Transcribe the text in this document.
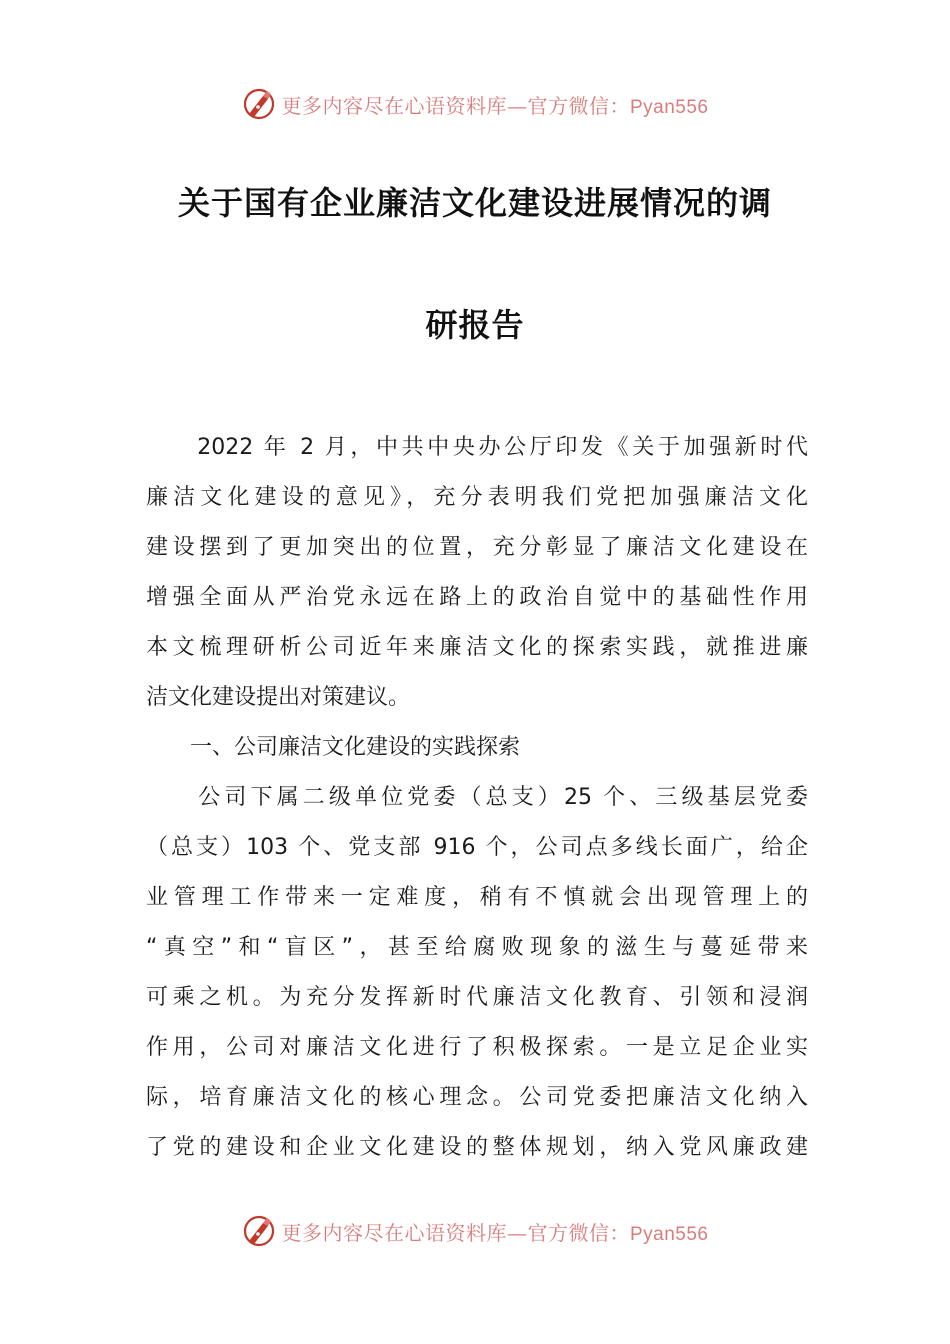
更多内容尽在心语资料库—官方微信：Pyan556
关于国有企业廉洁文化建设进展情况的调
研报告
　　2022 年 2 月，中共中央办公厅印发《关于加强新时代
廉洁文化建设的意见》，充分表明我们党把加强廉洁文化
建设摆到了更加突出的位置，充分彰显了廉洁文化建设在
增强全面从严治党永远在路上的政治自觉中的基础性作用
本文梳理研析公司近年来廉洁文化的探索实践，就推进廉
洁文化建设提出对策建议。
　　一、公司廉洁文化建设的实践探索
　　公司下属二级单位党委（总支）25 个、三级基层党委
（总支）103 个、党支部 916 个，公司点多线长面广，给企
业管理工作带来一定难度，稍有不慎就会出现管理上的
“真空”和“盲区”，甚至给腐败现象的滋生与蔓延带来
可乘之机。为充分发挥新时代廉洁文化教育、引领和浸润
作用，公司对廉洁文化进行了积极探索。一是立足企业实
际，培育廉洁文化的核心理念。公司党委把廉洁文化纳入
了党的建设和企业文化建设的整体规划，纳入党风廉政建
更多内容尽在心语资料库—官方微信：Pyan556
